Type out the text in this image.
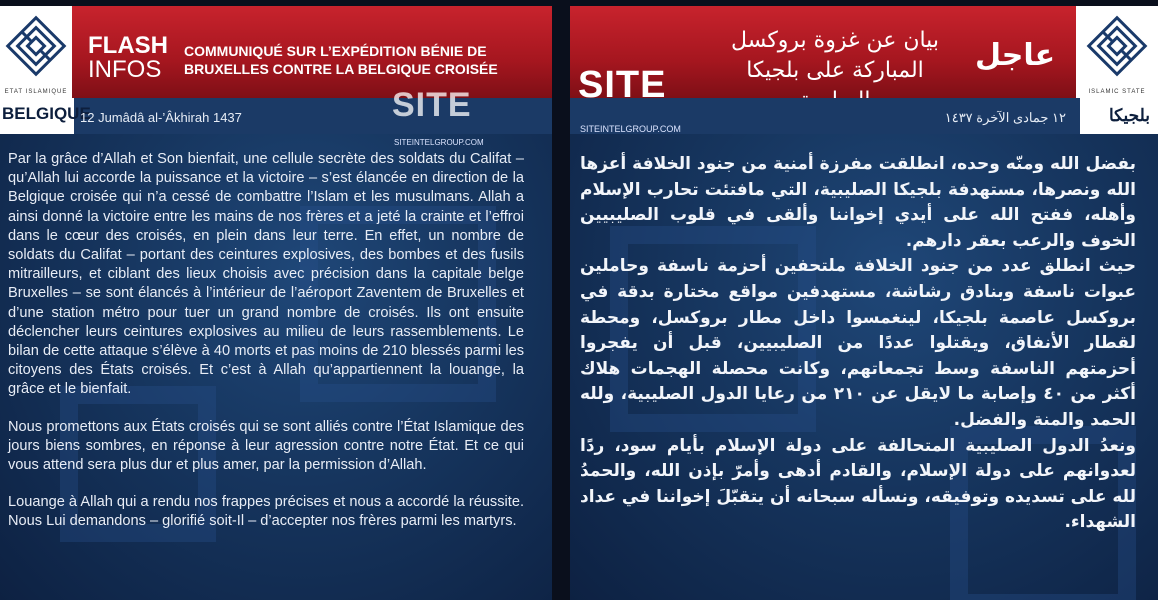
ETAT ISLAMIQUE
FLASH
INFOS
COMMUNIQUÉ SUR L’EXPÉDITION BÉNIE DE BRUXELLES CONTRE LA BELGIQUE CROISÉE
BELGIQUE
12 Jumâdâ al-’Âkhirah 1437	SITE
SITEINTELGROUP.COM

Par la grâce d’Allah et Son bienfait, une cellule secrète des soldats du Califat – qu’Allah lui accorde la puissance et la victoire – s’est élancée en direction de la Belgique croisée qui n’a cessé de combattre l’Islam et les musulmans. Allah a ainsi donné la victoire entre les mains de nos frères et a jeté la crainte et l’effroi dans le cœur des croisés, en plein dans leur terre. En effet, un nombre de soldats du Califat – portant des ceintures explosives, des bombes et des fusils mitrailleurs, et ciblant des lieux choisis avec précision dans la capitale belge Bruxelles – se sont élancés à l’intérieur de l’aéroport Zaventem de Bruxelles et d’une station métro pour tuer un grand nombre de croisés. Ils ont ensuite déclencher leurs ceintures explosives au milieu de leurs rassemblements. Le bilan de cette attaque s’élève à 40 morts et pas moins de 210 blessés parmi les citoyens des États croisés. Et c’est à Allah qu’appartiennent la louange, la grâce et le bienfait.

Nous promettons aux États croisés qui se sont alliés contre l’État Islamique des jours biens sombres, en réponse à leur agression contre notre État. Et ce qui vous attend sera plus dur et plus amer, par la permission d’Allah.

Louange à Allah qui a rendu nos frappes précises et nous a accordé la réussite. Nous Lui demandons – glorifié soit-Il – d’accepter nos frères parmi les martyrs.

ISLAMIC STATE
بيان عن غزوة بروكسل المباركة على بلجيكا	عاجل
بلجيكا
١٢ جمادى الآخرة ١٤٣٧
SITE
SITEINTELGROUP.COM

بفضل الله ومنّه وحده، انطلقت مفرزة أمنية من جنود الخلافة أعزها الله ونصرها، مستهدفة بلجيكا الصليبية، التي مافتئت تحارب الإسلام وأهله، ففتح الله على أيدي إخواننا وألقى في قلوب الصليبيين الخوف والرعب بعقر دارهم.

حيث انطلق عدد من جنود الخلافة ملتحفين أحزمة ناسفة وحاملين عبوات ناسفة وبنادق رشاشة، مستهدفين مواقع مختارة بدقة في بروكسل عاصمة بلجيكا، لينغمسوا داخل مطار بروكسل، ومحطة لقطار الأنفاق، ويقتلوا عددًا من الصليبيين، قبل أن يفجروا أحزمتهم الناسفة وسط تجمعاتهم، وكانت محصلة الهجمات هلاك أكثر من ٤٠ وإصابة ما لايقل عن ٢١٠ من رعايا الدول الصليبية، ولله الحمد والمنة والفضل.

ونعدُ الدول الصليبية المتحالفة على دولة الإسلام بأيام سود، ردًا لعدوانهم على دولة الإسلام، والقادم أدهى وأمرّ بإذن الله، والحمدُ لله على تسديده وتوفيقه، ونسأله سبحانه أن يتقبّلَ إخواننا في عداد الشهداء.
